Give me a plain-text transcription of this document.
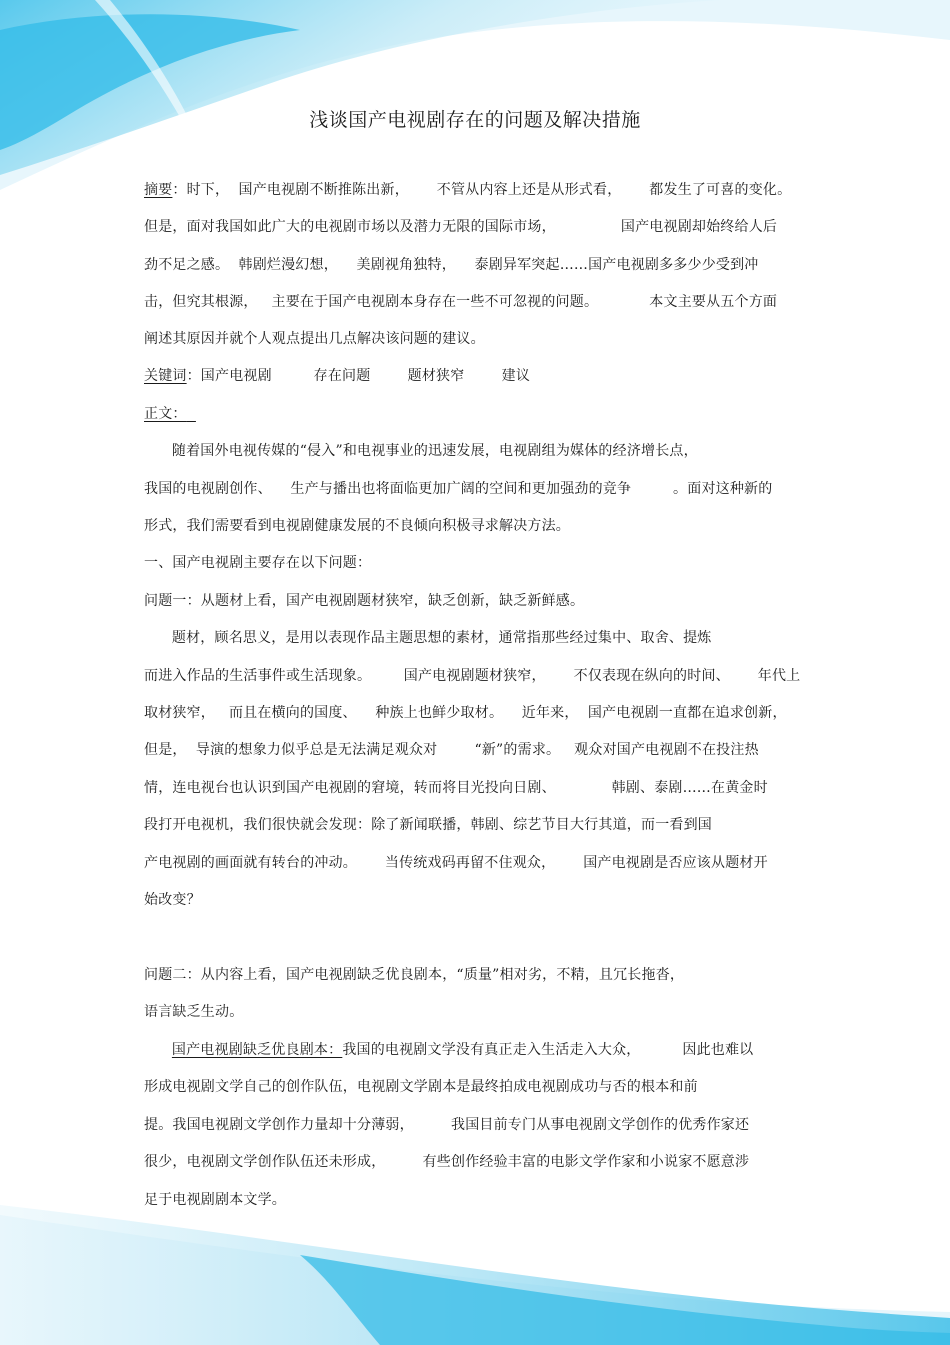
浅谈国产电视剧存在的问题及解决措施
摘要：时下，  国产电视剧不断推陈出新，      不管从内容上还是从形式看，      都发生了可喜的变化。
但是，面对我国如此广大的电视剧市场以及潜力无限的国际市场，              国产电视剧却始终给人后
劲不足之感。  韩剧烂漫幻想，    美剧视角独特，    泰剧异军突起……国产电视剧多多少少受到冲
击，但究其根源，   主要在于国产电视剧本身存在一些不可忽视的问题。           本文主要从五个方面
阐述其原因并就个人观点提出几点解决该问题的建议。
关键词：国产电视剧         存在问题        题材狭窄        建议
正文：
随着国外电视传媒的“侵入”和电视事业的迅速发展，电视剧组为媒体的经济增长点，
我国的电视剧创作、    生产与播出也将面临更加广阔的空间和更加强劲的竞争         。面对这种新的
形式，我们需要看到电视剧健康发展的不良倾向积极寻求解决方法。
一、国产电视剧主要存在以下问题：
问题一：从题材上看，国产电视剧题材狭窄，缺乏创新，缺乏新鲜感。
题材，顾名思义，是用以表现作品主题思想的素材，通常指那些经过集中、取舍、提炼
而进入作品的生活事件或生活现象。       国产电视剧题材狭窄，      不仅表现在纵向的时间、      年代上
取材狭窄，   而且在横向的国度、    种族上也鲜少取材。    近年来，  国产电视剧一直都在追求创新，
但是，  导演的想象力似乎总是无法满足观众对        “新”的需求。   观众对国产电视剧不在投注热
情，连电视台也认识到国产电视剧的窘境，转而将目光投向日剧、            韩剧、泰剧……在黄金时
段打开电视机，我们很快就会发现：除了新闻联播，韩剧、综艺节目大行其道，而一看到国
产电视剧的画面就有转台的冲动。      当传统戏码再留不住观众，      国产电视剧是否应该从题材开
始改变？
问题二：从内容上看，国产电视剧缺乏优良剧本，“质量”相对劣，不精，且冗长拖沓，
语言缺乏生动。
国产电视剧缺乏优良剧本：我国的电视剧文学没有真正走入生活走入大众，         因此也难以
形成电视剧文学自己的创作队伍，电视剧文学剧本是最终拍成电视剧成功与否的根本和前
提。我国电视剧文学创作力量却十分薄弱，        我国目前专门从事电视剧文学创作的优秀作家还
很少，电视剧文学创作队伍还未形成，        有些创作经验丰富的电影文学作家和小说家不愿意涉
足于电视剧剧本文学。
